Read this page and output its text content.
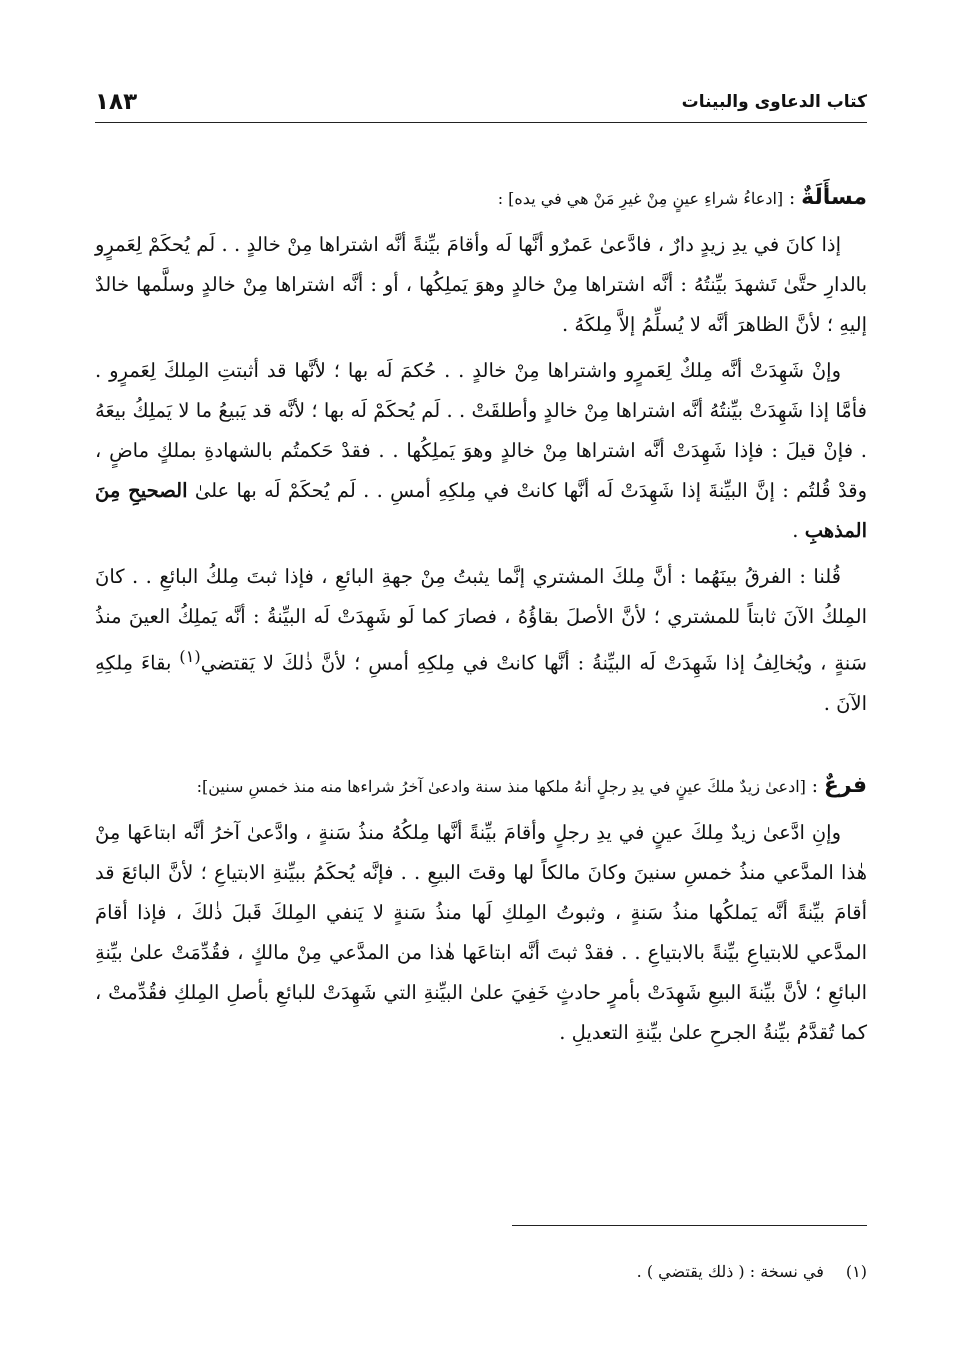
كتاب الدعاوى والبينات
١٨٣
مسأَلَةٌ : [ادعاءُ شراءِ عينٍ مِنْ غيرِ مَنْ هي في يده] :

إذا كانَ في يدِ زيدٍ دارٌ ، فادَّعىٰ عَمرٌو أنَّها لَه وأقامَ بيِّنةً أنَّه اشتراها مِنْ خالدٍ . . لَم يُحكَمْ لِعَمرٍو بالدارِ حتَّىٰ تَشهدَ بيِّنتُهُ : أنَّه اشتراها مِنْ خالدٍ وهوَ يَملِكُها ، أو : أنَّه اشتراها مِنْ خالدٍ وسلَّمها خالدٌ إليهِ ؛ لأنَّ الظاهرَ أنَّه لا يُسلِّمُ إلاَّ مِلكَهُ .

وإنْ شَهِدَتْ أنَّه مِلكٌ لِعَمرٍو واشتراها مِنْ خالدٍ . . حُكمَ لَه بها ؛ لأنَّها قد أثبتتِ المِلكَ لِعَمرٍو . فأمَّا إذا شَهِدَتْ بيِّنتُهُ أنَّه اشتراها مِنْ خالدٍ وأطلقَتْ . . لَم يُحكَمْ لَه بها ؛ لأنَّه قد يَبيعُ ما لا يَملِكُ بيعَهُ . فإنْ قيلَ : فإذا شَهِدَتْ أنَّه اشتراها مِنْ خالدٍ وهوَ يَملِكُها . . فقدْ حَكمتُم بالشهادةِ بملكٍ ماضٍ ، وقدْ قُلتُم : إنَّ البيِّنةَ إذا شَهِدَتْ لَه أنَّها كانتْ في مِلكِهِ أمسِ . . لَم يُحكَمْ لَه بها علىٰ الصحيحِ مِنَ المذهبِ .

قُلنا : الفرقُ بينَهُما : أنَّ مِلكَ المشتري إنَّما يثبتُ مِنْ جهةِ البائعِ ، فإذا ثبتَ مِلكُ البائعِ . . كانَ المِلكُ الآنَ ثابتاً للمشتري ؛ لأنَّ الأصلَ بقاؤُهُ ، فصارَ كما لَو شَهِدَتْ لَه البيِّنةُ : أنَّه يَملِكُ العينَ منذُ سَنةٍ ، ويُخالِفُ إذا شَهِدَتْ لَه البيِّنةُ : أنَّها كانتْ في مِلكِهِ أمسِ ؛ لأنَّ ذٰلكَ لا يَقتضي$^{(١)}$ بقاءَ مِلكِهِ الآنَ .

فرعٌ : [ادعىٰ زيدٌ ملكَ عينٍ في يدِ رجلٍ أنهُ ملكها منذ سنة وادعىٰ آخرُ شراءها منه منذ خمسِ سنين]:

وإنِ ادَّعىٰ زيدٌ مِلكَ عينٍ في يدِ رجلٍ وأقامَ بيِّنةً أنَّها مِلكُهُ منذُ سَنةٍ ، وادَّعىٰ آخرُ أنَّه ابتاعَها مِنْ هٰذا المدَّعي منذُ خمسِ سنينَ وكانَ مالكاً لها وقتَ البيعِ . . فإنَّه يُحكَمُ ببيِّنةِ الابتياعِ ؛ لأنَّ البائعَ قد أقامَ بيِّنةً أنَّه يَملكُها منذُ سَنةٍ ، وثبوتُ المِلكِ لَها منذُ سَنةٍ لا يَنفي المِلكَ قَبلَ ذٰلكَ ، فإذا أقامَ المدَّعي للابتياعِ بيِّنةً بالابتياعِ . . فقدْ ثبتَ أنَّه ابتاعَها هٰذا من المدَّعي مِنْ مالكٍ ، فقُدِّمَتْ علىٰ بيِّنةِ البائعِ ؛ لأنَّ بيِّنةَ البيعِ شَهِدَتْ بأمرٍ حادثٍ خَفِيَ علىٰ البيِّنةِ التي شَهِدَتْ للبائعِ بأصلِ المِلكِ فقُدِّمتْ ، كما تُقدَّمُ بيِّنةُ الجرحِ علىٰ بيِّنةِ التعديلِ .

(١)
في نسخة : ( ذلك يقتضي ) .
